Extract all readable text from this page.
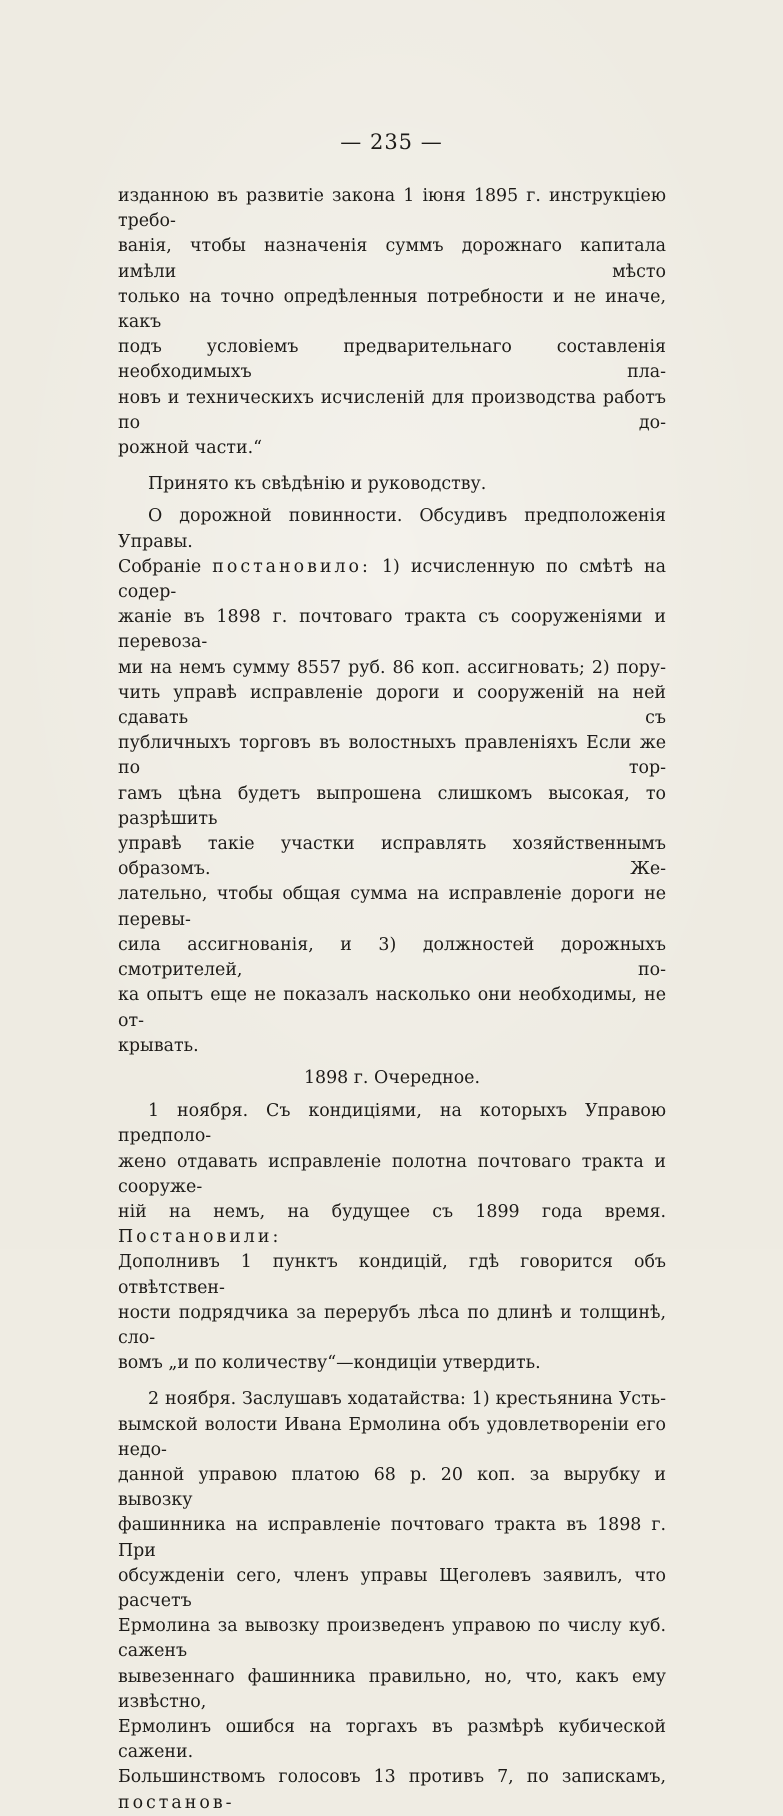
— 235 —

изданною въ развитіе закона 1 іюня 1895 г. инструкціею требо-

ванія, чтобы назначенія суммъ дорожнаго капитала имѣли мѣсто

только на точно опредѣленныя потребности и не иначе, какъ

подъ условіемъ предварительнаго составленія необходимыхъ пла-

новъ и техническихъ исчисленій для производства работъ по до-

рожной части.“

Принято къ свѣдѣнію и руководству.

О дорожной повинности. Обсудивъ предположенія Управы.

Собраніе постановило: 1) исчисленную по смѣтѣ на содер-

жаніе въ 1898 г. почтоваго тракта съ сооруженіями и перевоза-

ми на немъ сумму 8557 руб. 86 коп. ассигновать; 2) пору-

чить управѣ исправленіе дороги и сооруженій на ней сдавать съ

публичныхъ торговъ въ волостныхъ правленіяхъ Если же по тор-

гамъ цѣна будетъ выпрошена слишкомъ высокая, то разрѣшить

управѣ такіе участки исправлять хозяйственнымъ образомъ. Же-

лательно, чтобы общая сумма на исправленіе дороги не перевы-

сила ассигнованія, и 3) должностей дорожныхъ смотрителей, по-

ка опытъ еще не показалъ насколько они необходимы, не от-

крывать.

1898 г. Очередное.

1 ноября. Съ кондиціями, на которыхъ Управою предполо-

жено отдавать исправленіе полотна почтоваго тракта и сооруже-

ній на немъ, на будущее съ 1899 года время. Постановили:

Дополнивъ 1 пунктъ кондицій, гдѣ говорится объ отвѣтствен-

ности подрядчика за перерубъ лѣса по длинѣ и толщинѣ, сло-

вомъ „и по количеству“—кондиціи утвердить.

2 ноября. Заслушавъ ходатайства: 1) крестьянина Усть-

вымской волости Ивана Ермолина объ удовлетвореніи его недо-

данной управою платою 68 р. 20 коп. за вырубку и вывозку

фашинника на исправленіе почтоваго тракта въ 1898 г. При

обсужденіи сего, членъ управы Щеголевъ заявилъ, что расчетъ

Ермолина за вывозку произведенъ управою по числу куб. саженъ

вывезеннаго фашинника правильно, но, что, какъ ему извѣстно,

Ермолинъ ошибся на торгахъ въ размѣрѣ кубической сажени.

Большинствомъ голосовъ 13 противъ 7, по запискамъ, постанов-
